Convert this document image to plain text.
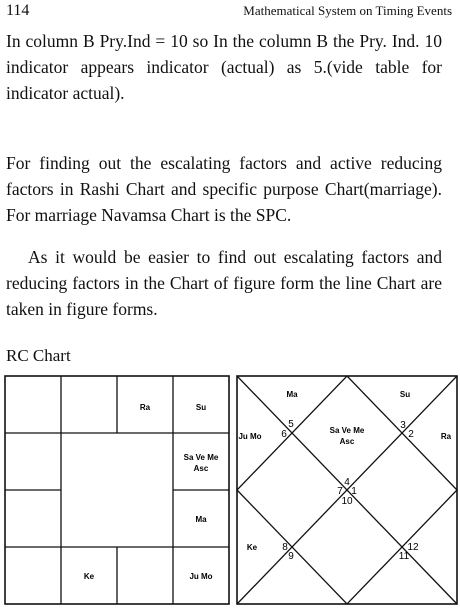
114	Mathematical System on Timing Events

In column B Pry.Ind = 10 so In the column B the Pry. Ind. 10 indicator appears indicator (actual) as 5.(vide table for indicator actual).

For finding out the escalating factors and active reducing factors in Rashi Chart and specific purpose Chart(marriage). For marriage Navamsa Chart is the SPC.

As it would be easier to find out escalating factors and reducing factors in the Chart of figure form the line Chart are taken in figure forms.

RC Chart
Ra	Su
Sa Ve Me
Asc
Ma
Ke	Ju Mo
Ma	Su
Ju Mo
Sa Ve Me
Asc
Ra
Ke
5
6
3
2
4
7 1
10
8
9
12
11
